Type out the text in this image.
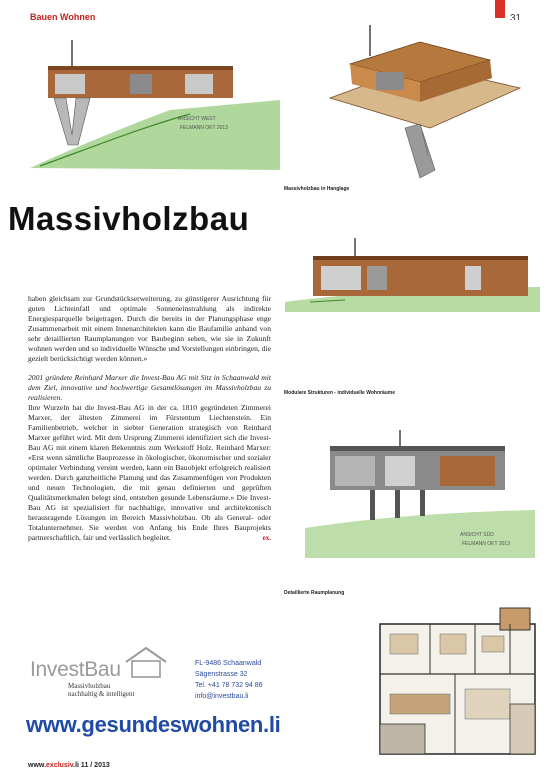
Bauen Wohnen	31
ANSICHT WEST
FELMANN OKT 2013
Massivholzbau in Hanglage
Massivholzbau
Modulare Strukturen - individuelle Wohnräume
ANSICHT SÜD
FELMANN OKT 2013
Detaillierte Raumplanung

haben gleichsam zur Grundstückserweiterung, zu günstigerer Ausrichtung für guten Lichteinfall und optimale Sonneneinstrahlung als indirekte Energiesparquelle beigetragen. Durch die bereits in der Planungsphase enge Zusammenarbeit mit einem Innenarchitekten kann die Baufamilie anhand von sehr detaillierten Raumplanungen vor Baubeginn sehen, wie sie in Zukunft wohnen werden und so individuelle Wünsche und Vorstellungen einbringen, die gezielt berücksichtigt werden können.»

2001 gründete Reinhard Marxer die Invest-Bau AG mit Sitz in Schaanwald mit dem Ziel, innovative und hochwertige Gesamtlösungen im Massivholzbau zu realisieren.
Ihre Wurzeln hat die Invest-Bau AG in der ca. 1810 gegründeten Zimmerei Marxer, der ältesten Zimmerei im Fürstentum Liechtenstein. Ein Familienbetrieb, welcher in siebter Generation strategisch von Reinhard Marxer geführt wird. Mit dem Ursprung Zimmerei identifiziert sich die Invest-Bau AG mit einem klaren Bekenntnis zum Werkstoff Holz. Reinhard Marxer: «Erst wenn sämtliche Bauprozesse in ökologischer, ökonomischer und sozialer optimaler Verbindung vereint werden, kann ein Bauobjekt erfolgreich realisiert werden. Durch ganzheitliche Planung und das Zusammenfügen von Produkten und neuen Technologien, die mit genau definierten und geprüften Qualitätsmerkmalen belegt sind, entstehen gesunde Lebensräume.» Die Invest-Bau AG ist spezialisiert für nachhaltige, innovative und architektonisch herausragende Lösungen im Bereich Massivholzbau. Ob als General- oder Totalunternehmer. Sie werden von Anfang bis Ende Ihres Bauprojekts partnerschaftlich, fair und verlässlich begleitet.	ex.

InvestBau
Massivholzbau
nachhaltig & intelligent
FL-9486 Schaanwald
Sägenstrasse 32
Tel. +41 78 732 94 86
info@investbau.li
www.gesundeswohnen.li
www.exclusiv.li 11 / 2013
